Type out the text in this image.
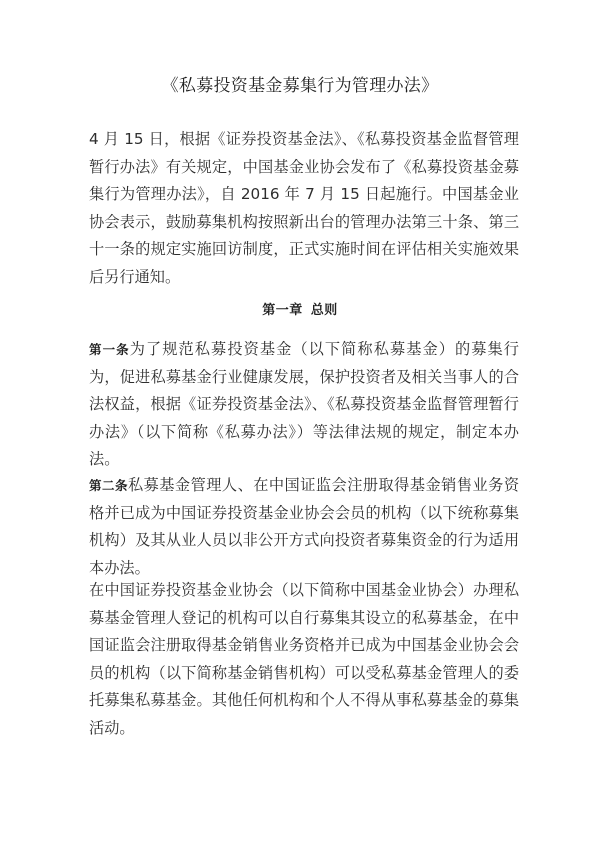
《私募投资基金募集行为管理办法》

4 月 15 日，根据《证券投资基金法》、《私募投资基金监督管理暂行办法》有关规定，中国基金业协会发布了《私募投资基金募集行为管理办法》，自 2016 年 7 月 15 日起施行。中国基金业协会表示，鼓励募集机构按照新出台的管理办法第三十条、第三十一条的规定实施回访制度，正式实施时间在评估相关实施效果后另行通知。

第一章 总则

第一条为了规范私募投资基金（以下简称私募基金）的募集行为，促进私募基金行业健康发展，保护投资者及相关当事人的合法权益，根据《证券投资基金法》、《私募投资基金监督管理暂行办法》（以下简称《私募办法》）等法律法规的规定，制定本办法。

第二条私募基金管理人、在中国证监会注册取得基金销售业务资格并已成为中国证券投资基金业协会会员的机构（以下统称募集机构）及其从业人员以非公开方式向投资者募集资金的行为适用本办法。

在中国证券投资基金业协会（以下简称中国基金业协会）办理私募基金管理人登记的机构可以自行募集其设立的私募基金，在中国证监会注册取得基金销售业务资格并已成为中国基金业协会会员的机构（以下简称基金销售机构）可以受私募基金管理人的委托募集私募基金。其他任何机构和个人不得从事私募基金的募集活动。
